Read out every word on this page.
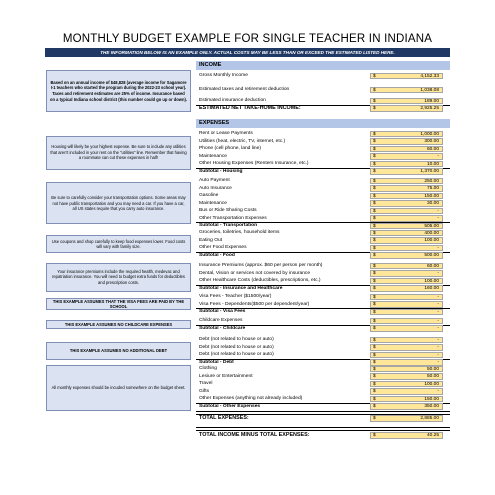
MONTHLY BUDGET EXAMPLE FOR SINGLE TEACHER IN INDIANA
THE INFORMATION BELOW IS AN EXAMPLE ONLY. ACTUAL COSTS MAY BE LESS THAN OR EXCEED THE ESTIMATED LISTED HERE.
INCOME
Based on an annual income of $48,828 (average income for Sagamore I-1 teachers who started the program during the 2022-23 school year). Taxes and retirement estimates are 25% of income. Insurance based on a typical Indiana school district (this number could go up or down).
Gross Monthly Income	$	4,152.33
Estimated taxes and retirement deduction	$	1,038.08
Estimated insurance deduction	$	189.00
ESTIMATED NET TAKE-HOME INCOME:	$	2,925.25
EXPENSES
Housing will likely be your highest expense. Be sure to include any utilities that aren't included in your rent on the "utilities" line. Remember that having a roommate can cut these expenses in half!
Rent or Lease Payments	$	1,000.00
Utilities (heat, electric, TV, internet, etc.)	$	300.00
Phone (cell phone, land line)	$	60.00
Maintenance	$	-
Other Housing Expenses (Renters Insurance, etc.)	$	10.00
Subtotal - Housing	$	1,370.00
Be sure to carefully consider your transportation options. Some areas may not have public transportation and you may need a car. If you have a car, all US states require that you carry auto insurance.
Auto Payment	$	250.00
Auto Insurance	$	75.00
Gasoline	$	150.00
Maintenance	$	30.00
Bus or Ride Sharing Costs	$	-
Other Transportation Expenses	$	-
Subtotal - Transportation	$	505.00
Use coupons and shop carefully to keep food expenses lower. Food costs will vary with family size.
Groceries, toiletries, household items	$	400.00
Eating Out	$	100.00
Other Food Expenses	$	-
Subtotal - Food	$	500.00
Your insurance premiums include the required health, medevac and repatriation insurance. You will need to budget extra funds for deductibles and prescription costs.
Insurance Premiums (approx. $60 per person per month)	$	60.00
Dental, Vision or services not covered by insurance	$	-
Other Healthcare Costs (deductibles, prescriptions, etc.)	$	100.00
Subtotal - Insurance and Healthcare	$	160.00
THIS EXAMPLE ASSUMES THAT THE VISA FEES ARE PAID BY THE SCHOOL
Visa Fees - Teacher ($1500/year)	$	-
Visa Fees - Dependents($500 per dependent/year)	$	-
Subtotal - Visa Fees	$	-
THIS EXAMPLE ASSUMES NO CHILDCARE EXPENSES
Childcare Expenses	$	-
Subtotal - Childcare	$	-
THIS EXAMPLE ASSUMES NO ADDITIONAL DEBT
Debt (not related to house or auto)	$	-
Debt (not related to house or auto)	$	-
Debt (not related to house or auto)	$	-
Subtotal - Debt	$	-
All monthly expenses should be incuded somewhere on the budget sheet.
Clothing	$	50.00
Lesiure or Entertainment	$	50.00
Travel	$	100.00
Gifts	$	-
Other Expenses (anything not already included)	$	150.00
Subtotal - Other Expenses	$	350.00
TOTAL EXPENSES:	$	2,885.00
TOTAL INCOME MINUS TOTAL EXPENSES:	$	40.25
